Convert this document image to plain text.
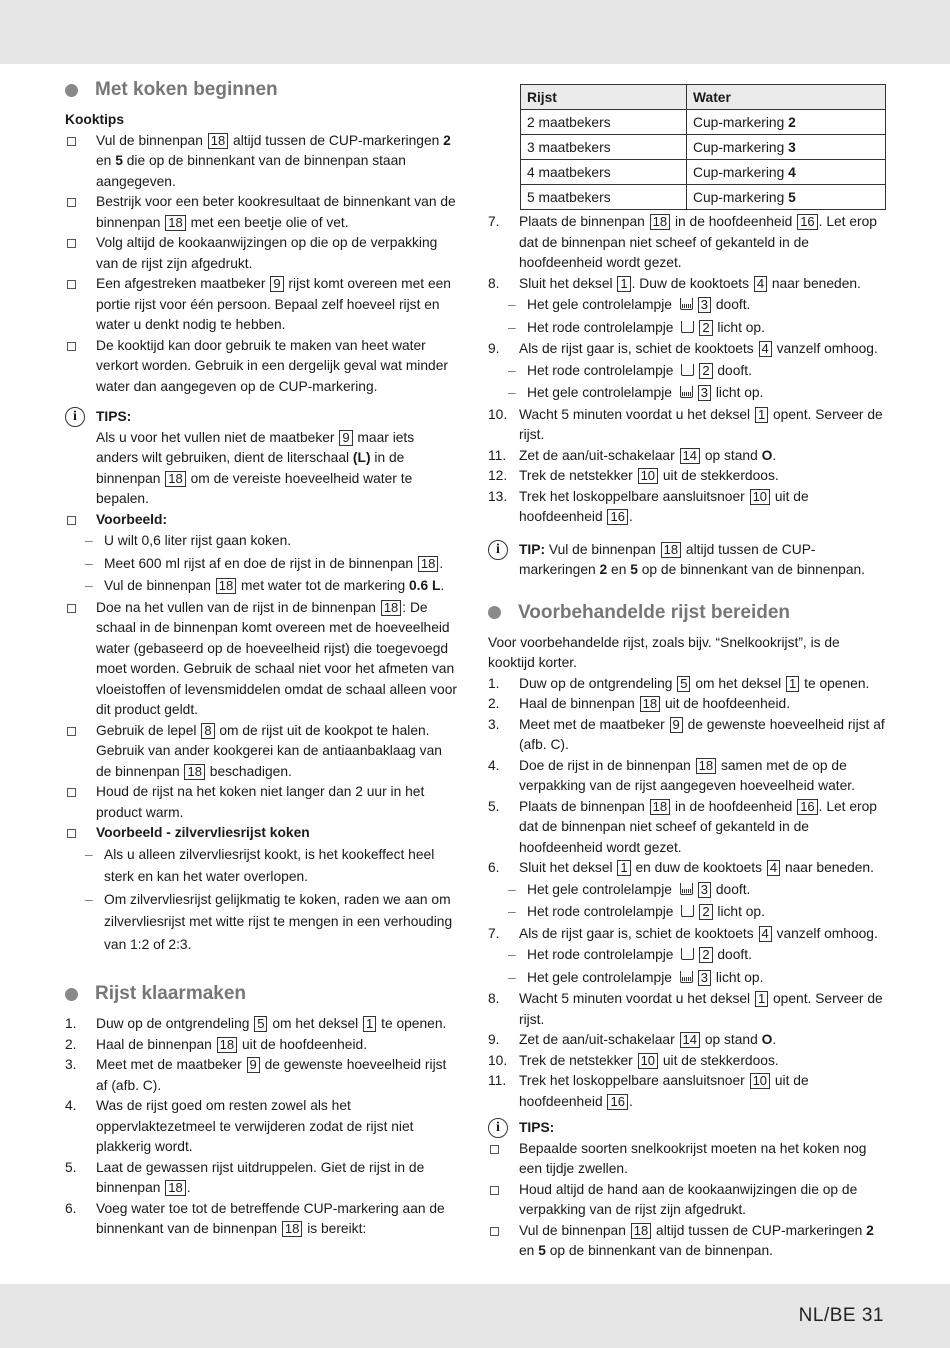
Met koken beginnen
Kooktips
Vul de binnenpan 18 altijd tussen de CUP-markeringen 2 en 5 die op de binnenkant van de binnenpan staan aangegeven.
Bestrijk voor een beter kookresultaat de binnenkant van de binnenpan 18 met een beetje olie of vet.
Volg altijd de kookaanwijzingen op die op de verpakking van de rijst zijn afgedrukt.
Een afgestreken maatbeker 9 rijst komt overeen met een portie rijst voor één persoon. Bepaal zelf hoeveel rijst en water u denkt nodig te hebben.
De kooktijd kan door gebruik te maken van heet water verkort worden. Gebruik in een dergelijk geval wat minder water dan aangegeven op de CUP-markering.
i	TIPS:
Als u voor het vullen niet de maatbeker 9 maar iets anders wilt gebruiken, dient de literschaal (L) in de binnenpan 18 om de vereiste hoeveelheid water te bepalen.
Voorbeeld:
– U wilt 0,6 liter rijst gaan koken.
– Meet 600 ml rijst af en doe de rijst in de binnenpan 18 .
– Vul de binnenpan 18 met water tot de markering 0.6 L.
Doe na het vullen van de rijst in de binnenpan 18 : De schaal in de binnenpan komt overeen met de hoeveelheid water (gebaseerd op de hoeveelheid rijst) die toegevoegd moet worden. Gebruik de schaal niet voor het afmeten van vloeistoffen of levensmiddelen omdat de schaal alleen voor dit product geldt.
Gebruik de lepel 8 om de rijst uit de kookpot te halen. Gebruik van ander kookgerei kan de antiaanbaklaag van de binnenpan 18 beschadigen.
Houd de rijst na het koken niet langer dan 2 uur in het product warm.
Voorbeeld - zilvervliesrijst koken
– Als u alleen zilvervliesrijst kookt, is het kookeffect heel sterk en kan het water overlopen.
– Om zilvervliesrijst gelijkmatig te koken, raden we aan om zilvervliesrijst met witte rijst te mengen in een verhouding van 1:2 of 2:3.
Rijst klaarmaken
1.	Duw op de ontgrendeling 5 om het deksel 1 te openen.
2.	Haal de binnenpan 18 uit de hoofdeenheid.
3.	Meet met de maatbeker 9 de gewenste hoeveelheid rijst af (afb. C).
4.	Was de rijst goed om resten zowel als het oppervlaktezetmeel te verwijderen zodat de rijst niet plakkerig wordt.
5.	Laat de gewassen rijst uitdruppelen. Giet de rijst in de binnenpan 18 .
6.	Voeg water toe tot de betreffende CUP-markering aan de binnenkant van de binnenpan 18 is bereikt:
Rijst	Water
2 maatbekers	Cup-markering 2
3 maatbekers	Cup-markering 3
4 maatbekers	Cup-markering 4
5 maatbekers	Cup-markering 5
7.	Plaats de binnenpan 18 in de hoofdeenheid 16 . Let erop dat de binnenpan niet scheef of gekanteld in de hoofdeenheid wordt gezet.
8.	Sluit het deksel 1 . Duw de kooktoets 4 naar beneden.
– Het gele controlelampje 3 dooft.
– Het rode controlelampje 2 licht op.
9.	Als de rijst gaar is, schiet de kooktoets 4 vanzelf omhoog.
– Het rode controlelampje 2 dooft.
– Het gele controlelampje 3 licht op.
10. Wacht 5 minuten voordat u het deksel 1 opent. Serveer de rijst.
11. Zet de aan/uit-schakelaar 14 op stand O.
12. Trek de netstekker 10 uit de stekkerdoos.
13. Trek het loskoppelbare aansluitsnoer 10 uit de hoofdeenheid 16 .
i	TIP: Vul de binnenpan 18 altijd tussen de CUP-markeringen 2 en 5 op de binnenkant van de binnenpan.
Voorbehandelde rijst bereiden
Voor voorbehandelde rijst, zoals bijv. “Snelkookrijst”, is de kooktijd korter.
1.	Duw op de ontgrendeling 5 om het deksel 1 te openen.
2.	Haal de binnenpan 18 uit de hoofdeenheid.
3.	Meet met de maatbeker 9 de gewenste hoeveelheid rijst af (afb. C).
4.	Doe de rijst in de binnenpan 18 samen met de op de verpakking van de rijst aangegeven hoeveelheid water.
5.	Plaats de binnenpan 18 in de hoofdeenheid 16 . Let erop dat de binnenpan niet scheef of gekanteld in de hoofdeenheid wordt gezet.
6.	Sluit het deksel 1 en duw de kooktoets 4 naar beneden.
– Het gele controlelampje 3 dooft.
– Het rode controlelampje 2 licht op.
7.	Als de rijst gaar is, schiet de kooktoets 4 vanzelf omhoog.
– Het rode controlelampje 2 dooft.
– Het gele controlelampje 3 licht op.
8.	Wacht 5 minuten voordat u het deksel 1 opent. Serveer de rijst.
9.	Zet de aan/uit-schakelaar 14 op stand O.
10. Trek de netstekker 10 uit de stekkerdoos.
11. Trek het loskoppelbare aansluitsnoer 10 uit de hoofdeenheid 16 .
i	TIPS:
Bepaalde soorten snelkookrijst moeten na het koken nog een tijdje zwellen.
Houd altijd de hand aan de kookaanwijzingen die op de verpakking van de rijst zijn afgedrukt.
Vul de binnenpan 18 altijd tussen de CUP-markeringen 2 en 5 op de binnenkant van de binnenpan.
NL/BE 31
